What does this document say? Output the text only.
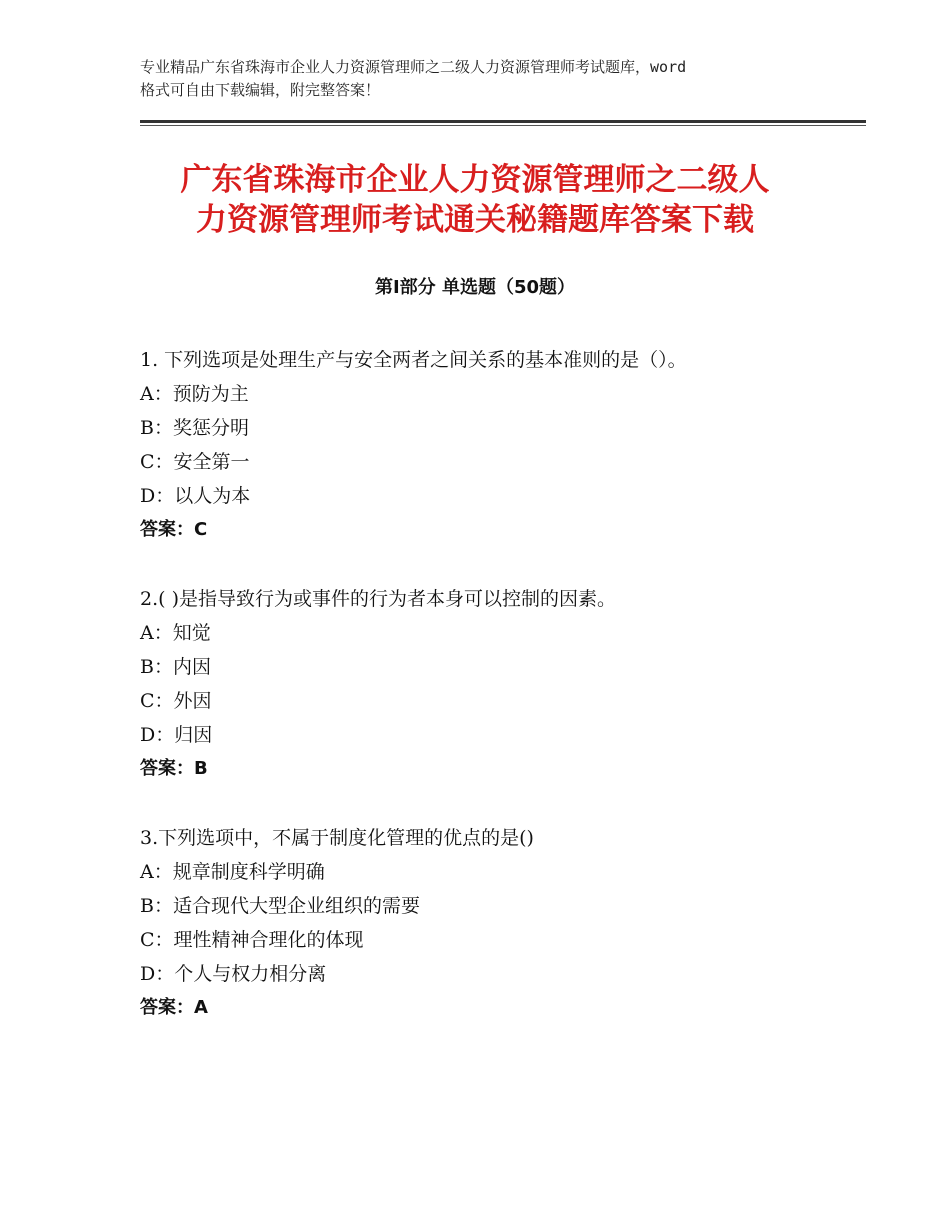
专业精品广东省珠海市企业人力资源管理师之二级人力资源管理师考试题库，word
格式可自由下载编辑，附完整答案！
广东省珠海市企业人力资源管理师之二级人
力资源管理师考试通关秘籍题库答案下载
第Ⅰ部分 单选题（50题）
1. 下列选项是处理生产与安全两者之间关系的基本准则的是（）。
A：预防为主
B：奖惩分明
C：安全第一
D：以人为本
答案：C
2.( )是指导致行为或事件的行为者本身可以控制的因素。
A：知觉
B：内因
C：外因
D：归因
答案：B
3.下列选项中，不属于制度化管理的优点的是()
A：规章制度科学明确
B：适合现代大型企业组织的需要
C：理性精神合理化的体现
D：个人与权力相分离
答案：A
